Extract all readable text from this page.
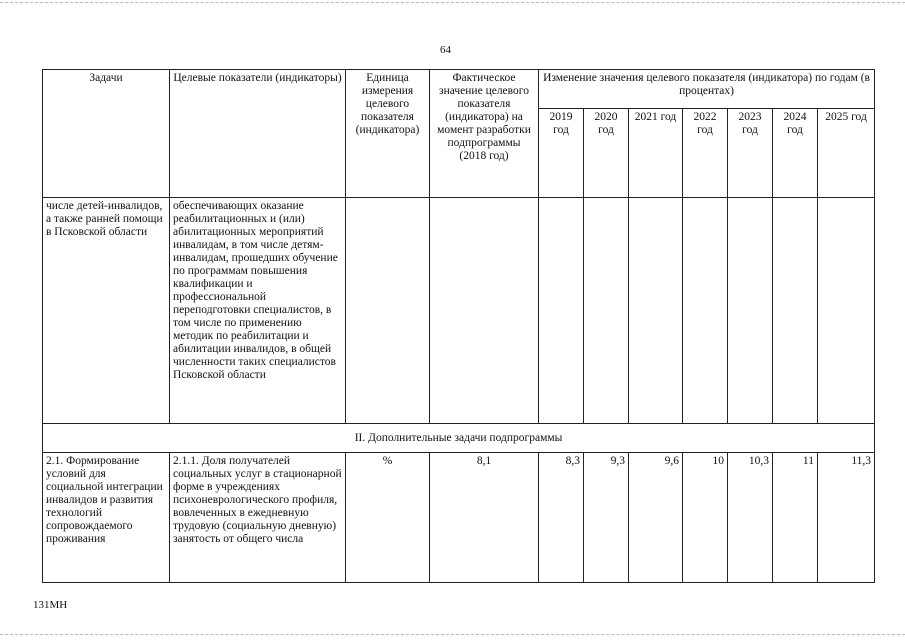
64
Задачи	Целевые показатели (индикаторы)	Единица измерения целевого показателя (индикатора)	Фактическое значение целевого показателя (индикатора) на момент разработки подпрограммы (2018 год)	Изменение значения целевого показателя (индикатора) по годам (в процентах)						
				2019 год	2020 год	2021 год	2022 год	2023 год	2024 год	2025 год
числе детей-инвалидов, а также ранней помощи в Псковской области	обеспечивающих оказание реабилитационных и (или) абилитационных мероприятий инвалидам, в том числе детям-инвалидам, прошедших обучение по программам повышения квалификации и профессиональной переподготовки специалистов, в том числе по применению методик по реабилитации и абилитации инвалидов, в общей численности таких специалистов Псковской области									
II. Дополнительные задачи подпрограммы										
2.1. Формирование условий для социальной интеграции инвалидов и развития технологий сопровождаемого проживания	2.1.1. Доля получателей социальных услуг в стационарной форме в учреждениях психоневрологического профиля, вовлеченных в ежедневную трудовую (социальную дневную) занятость от общего числа	%	8,1	8,3	9,3	9,6	10	10,3	11	11,3
131МН
